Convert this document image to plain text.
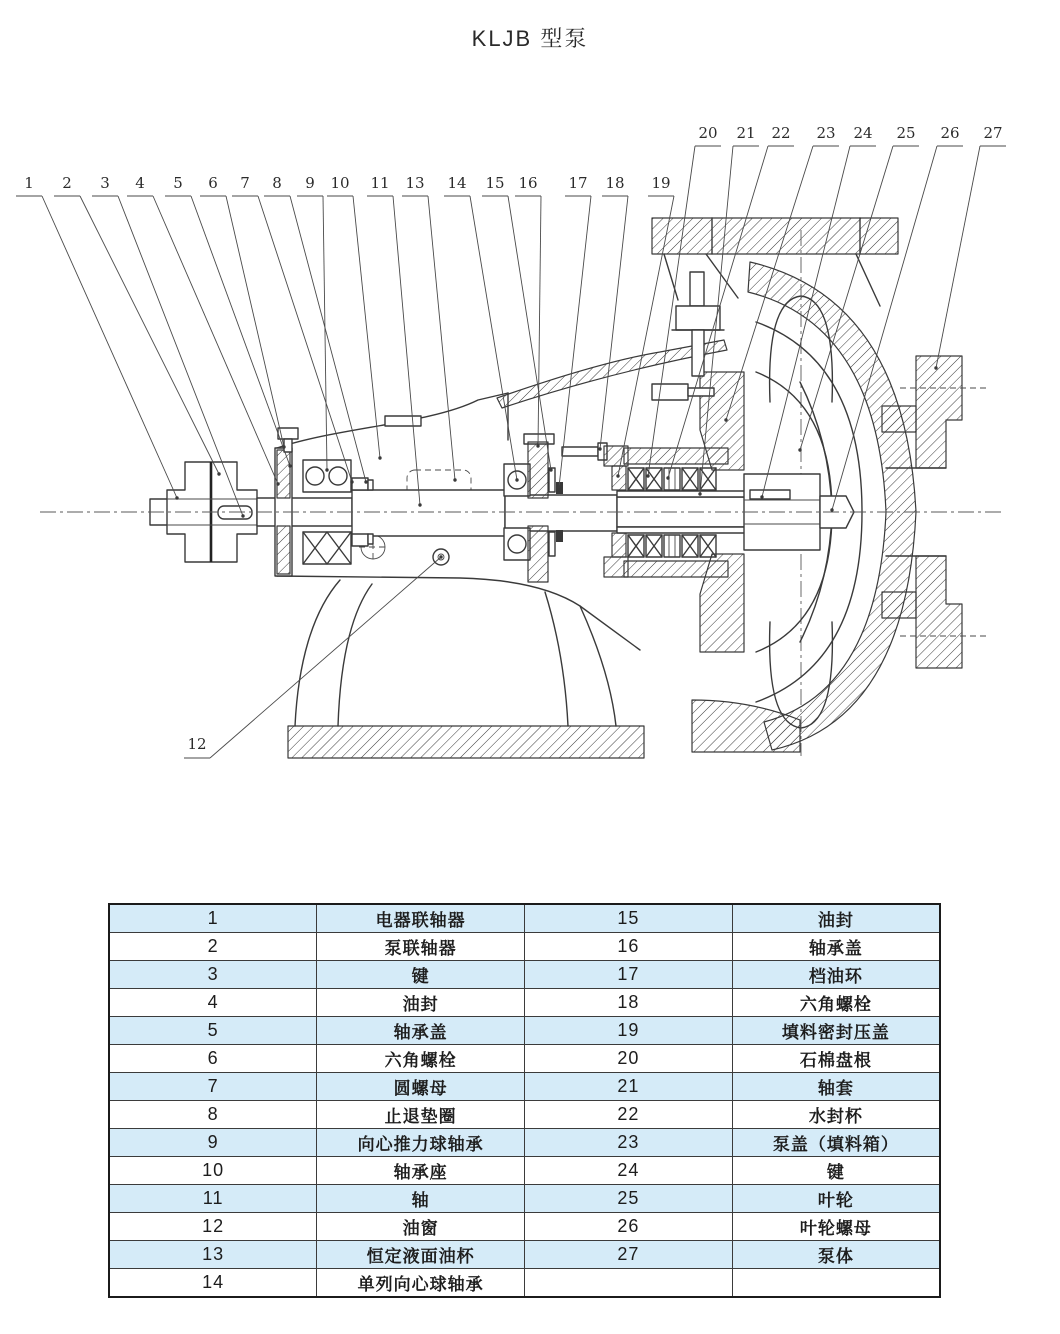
KLJB 型泵
1 2 3 4 5 6 7 8 9 10 11 13 14 15 16 17 18 19
20 21 22 23 24 25 26 27
12
1	电器联轴器	15	油封
2	泵联轴器	16	轴承盖
3	键	17	档油环
4	油封	18	六角螺栓
5	轴承盖	19	填料密封压盖
6	六角螺栓	20	石棉盘根
7	圆螺母	21	轴套
8	止退垫圈	22	水封杯
9	向心推力球轴承	23	泵盖（填料箱）
10	轴承座	24	键
11	轴	25	叶轮
12	油窗	26	叶轮螺母
13	恒定液面油杯	27	泵体
14	单列向心球轴承		
